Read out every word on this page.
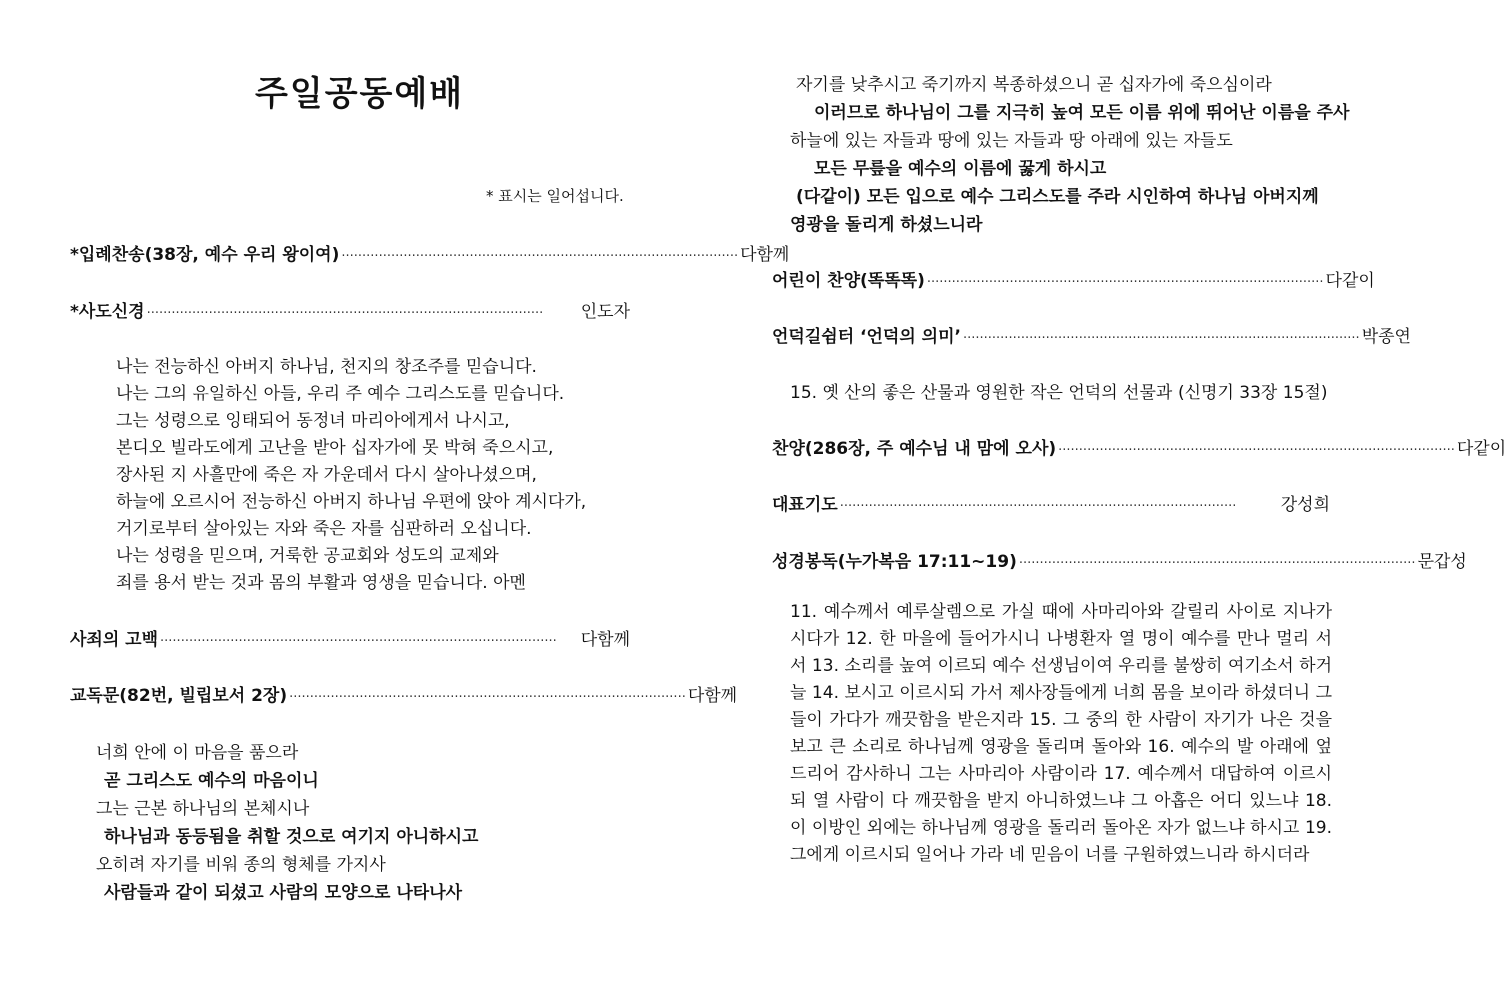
주일공동예배
* 표시는 일어섭니다.
*입례찬송(38장, 예수 우리 왕이여) ································································································ 다함께
*사도신경 ································································································	인도자
나는 전능하신 아버지 하나님, 천지의 창조주를 믿습니다.
나는 그의 유일하신 아들, 우리 주 예수 그리스도를 믿습니다.
그는 성령으로 잉태되어 동정녀 마리아에게서 나시고,
본디오 빌라도에게 고난을 받아 십자가에 못 박혀 죽으시고,
장사된 지 사흘만에 죽은 자 가운데서 다시 살아나셨으며,
하늘에 오르시어 전능하신 아버지 하나님 우편에 앉아 계시다가,
거기로부터 살아있는 자와 죽은 자를 심판하러 오십니다.
나는 성령을 믿으며, 거룩한 공교회와 성도의 교제와
죄를 용서 받는 것과 몸의 부활과 영생을 믿습니다. 아멘
사죄의 고백 ································································································	다함께
교독문(82번, 빌립보서 2장) ································································································ 다함께
너희 안에 이 마음을 품으라
곧 그리스도 예수의 마음이니
그는 근본 하나님의 본체시나
하나님과 동등됨을 취할 것으로 여기지 아니하시고
오히려 자기를 비워 종의 형체를 가지사
사람들과 같이 되셨고 사람의 모양으로 나타나사
자기를 낮추시고 죽기까지 복종하셨으니 곧 십자가에 죽으심이라
이러므로 하나님이 그를 지극히 높여 모든 이름 위에 뛰어난 이름을 주사
하늘에 있는 자들과 땅에 있는 자들과 땅 아래에 있는 자들도
모든 무릎을 예수의 이름에 꿇게 하시고
(다같이) 모든 입으로 예수 그리스도를 주라 시인하여 하나님 아버지께
영광을 돌리게 하셨느니라
어린이 찬양(똑똑똑) ································································································ 다같이
언덕길쉼터 ‘언덕의 의미’ ································································································ 박종연
15. 옛 산의 좋은 산물과 영원한 작은 언덕의 선물과 (신명기 33장 15절)
찬양(286장, 주 예수님 내 맘에 오사) ································································································ 다같이
대표기도 ································································································	강성희
성경봉독(누가복음 17:11~19) ································································································ 문갑성
11. 예수께서 예루살렘으로 가실 때에 사마리아와 갈릴리 사이로 지나가시다가 12. 한 마을에 들어가시니 나병환자 열 명이 예수를 만나 멀리 서서 13. 소리를 높여 이르되 예수 선생님이여 우리를 불쌍히 여기소서 하거늘 14. 보시고 이르시되 가서 제사장들에게 너희 몸을 보이라 하셨더니 그들이 가다가 깨끗함을 받은지라 15. 그 중의 한 사람이 자기가 나은 것을 보고 큰 소리로 하나님께 영광을 돌리며 돌아와 16. 예수의 발 아래에 엎드리어 감사하니 그는 사마리아 사람이라 17. 예수께서 대답하여 이르시되 열 사람이 다 깨끗함을 받지 아니하였느냐 그 아홉은 어디 있느냐 18. 이 이방인 외에는 하나님께 영광을 돌리러 돌아온 자가 없느냐 하시고 19. 그에게 이르시되 일어나 가라 네 믿음이 너를 구원하였느니라 하시더라
